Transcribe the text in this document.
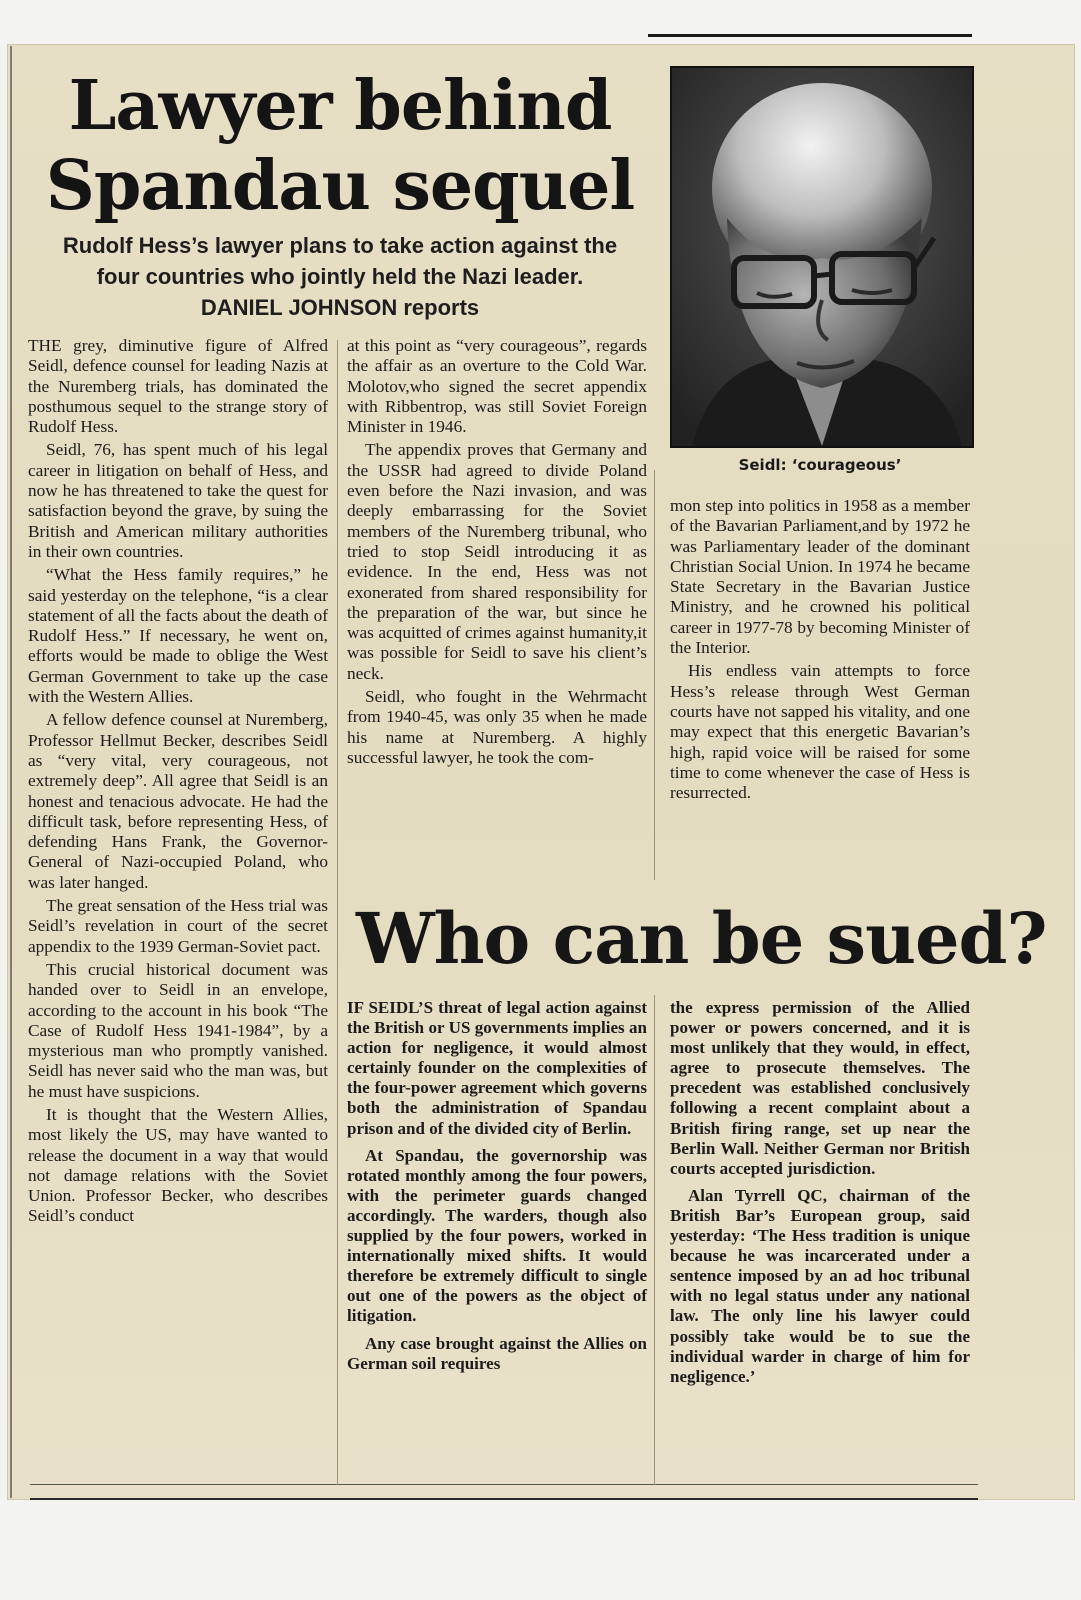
Lawyer behind
Spandau sequel
Rudolf Hess’s lawyer plans to take action against the
four countries who jointly held the Nazi leader.
DANIEL JOHNSON reports

Seidl: ‘courageous’

THE grey, diminutive figure of Alfred Seidl, defence counsel for leading Nazis at the Nuremberg trials, has dominated the posthumous sequel to the strange story of Rudolf Hess.

Seidl, 76, has spent much of his legal career in litigation on behalf of Hess, and now he has threatened to take the quest for satisfaction beyond the grave, by suing the British and American military authorities in their own countries.

“What the Hess family requires,” he said yesterday on the telephone, “is a clear statement of all the facts about the death of Rudolf Hess.” If necessary, he went on, efforts would be made to oblige the West German Government to take up the case with the Western Allies.

A fellow defence counsel at Nuremberg, Professor Hellmut Becker, describes Seidl as “very vital, very courageous, not extremely deep”. All agree that Seidl is an honest and tenacious advocate. He had the difficult task, before representing Hess, of defending Hans Frank, the Governor-General of Nazi-occupied Poland, who was later hanged.

The great sensation of the Hess trial was Seidl’s revelation in court of the secret appendix to the 1939 German-Soviet pact.

This crucial historical document was handed over to Seidl in an envelope, according to the account in his book “The Case of Rudolf Hess 1941-1984”, by a mysterious man who promptly vanished. Seidl has never said who the man was, but he must have suspicions.

It is thought that the Western Allies, most likely the US, may have wanted to release the document in a way that would not damage relations with the Soviet Union. Professor Becker, who describes Seidl’s conduct

at this point as “very courageous”, regards the affair as an overture to the Cold War. Molotov,who signed the secret appendix with Ribbentrop, was still Soviet Foreign Minister in 1946.

The appendix proves that Germany and the USSR had agreed to divide Poland even before the Nazi invasion, and was deeply embarrassing for the Soviet members of the Nuremberg tribunal, who tried to stop Seidl introducing it as evidence. In the end, Hess was not exonerated from shared responsibility for the preparation of the war, but since he was acquitted of crimes against humanity,it was possible for Seidl to save his client’s neck.

Seidl, who fought in the Wehrmacht from 1940-45, was only 35 when he made his name at Nuremberg. A highly successful lawyer, he took the com-

mon step into politics in 1958 as a member of the Bavarian Parliament,and by 1972 he was Parliamentary leader of the dominant Christian Social Union. In 1974 he became State Secretary in the Bavarian Justice Ministry, and he crowned his political career in 1977-78 by becoming Minister of the Interior.

His endless vain attempts to force Hess’s release through West German courts have not sapped his vitality, and one may expect that this energetic Bavarian’s high, rapid voice will be raised for some time to come whenever the case of Hess is resurrected.

Who can be sued?

IF SEIDL’S threat of legal action against the British or US governments implies an action for negligence, it would almost certainly founder on the complexities of the four-power agreement which governs both the administration of Spandau prison and of the divided city of Berlin.

At Spandau, the governorship was rotated monthly among the four powers, with the perimeter guards changed accordingly. The warders, though also supplied by the four powers, worked in internationally mixed shifts. It would therefore be extremely difficult to single out one of the powers as the object of litigation.

Any case brought against the Allies on German soil requires

the express permission of the Allied power or powers concerned, and it is most unlikely that they would, in effect, agree to prosecute themselves. The precedent was established conclusively following a recent complaint about a British firing range, set up near the Berlin Wall. Neither German nor British courts accepted jurisdiction.

Alan Tyrrell QC, chairman of the British Bar’s European group, said yesterday: ‘The Hess tradition is unique because he was incarcerated under a sentence imposed by an ad hoc tribunal with no legal status under any national law. The only line his lawyer could possibly take would be to sue the individual warder in charge of him for negligence.’
